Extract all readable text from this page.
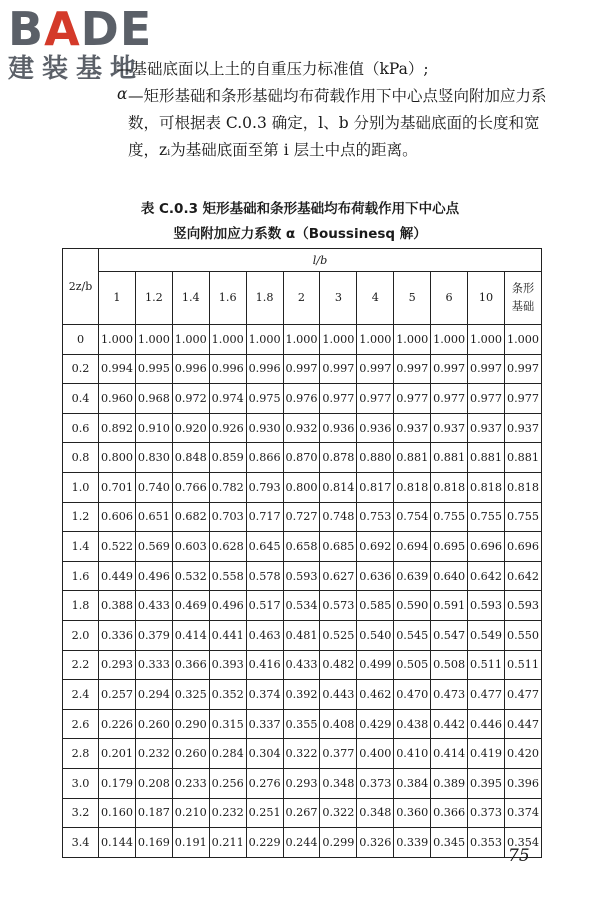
BADE
建装基地
α

—基础底面以上土的自重压力标准值（kPa）;

—矩形基础和条形基础均布荷载作用下中心点竖向附加应力系数，可根据表 C.0.3 确定，l、b 分别为基础底面的长度和宽度，zᵢ为基础底面至第 i 层土中点的距离。

表 C.0.3 矩形基础和条形基础均布荷载作用下中心点
竖向附加应力系数 α（Boussinesq 解）
2z/b	l/b											
	1	1.2	1.4	1.6	1.8	2	3	4	5	6	10	条形
基础
0	1.000	1.000	1.000	1.000	1.000	1.000	1.000	1.000	1.000	1.000	1.000	1.000
0.2	0.994	0.995	0.996	0.996	0.996	0.997	0.997	0.997	0.997	0.997	0.997	0.997
0.4	0.960	0.968	0.972	0.974	0.975	0.976	0.977	0.977	0.977	0.977	0.977	0.977
0.6	0.892	0.910	0.920	0.926	0.930	0.932	0.936	0.936	0.937	0.937	0.937	0.937
0.8	0.800	0.830	0.848	0.859	0.866	0.870	0.878	0.880	0.881	0.881	0.881	0.881
1.0	0.701	0.740	0.766	0.782	0.793	0.800	0.814	0.817	0.818	0.818	0.818	0.818
1.2	0.606	0.651	0.682	0.703	0.717	0.727	0.748	0.753	0.754	0.755	0.755	0.755
1.4	0.522	0.569	0.603	0.628	0.645	0.658	0.685	0.692	0.694	0.695	0.696	0.696
1.6	0.449	0.496	0.532	0.558	0.578	0.593	0.627	0.636	0.639	0.640	0.642	0.642
1.8	0.388	0.433	0.469	0.496	0.517	0.534	0.573	0.585	0.590	0.591	0.593	0.593
2.0	0.336	0.379	0.414	0.441	0.463	0.481	0.525	0.540	0.545	0.547	0.549	0.550
2.2	0.293	0.333	0.366	0.393	0.416	0.433	0.482	0.499	0.505	0.508	0.511	0.511
2.4	0.257	0.294	0.325	0.352	0.374	0.392	0.443	0.462	0.470	0.473	0.477	0.477
2.6	0.226	0.260	0.290	0.315	0.337	0.355	0.408	0.429	0.438	0.442	0.446	0.447
2.8	0.201	0.232	0.260	0.284	0.304	0.322	0.377	0.400	0.410	0.414	0.419	0.420
3.0	0.179	0.208	0.233	0.256	0.276	0.293	0.348	0.373	0.384	0.389	0.395	0.396
3.2	0.160	0.187	0.210	0.232	0.251	0.267	0.322	0.348	0.360	0.366	0.373	0.374
3.4	0.144	0.169	0.191	0.211	0.229	0.244	0.299	0.326	0.339	0.345	0.353	0.354
75
